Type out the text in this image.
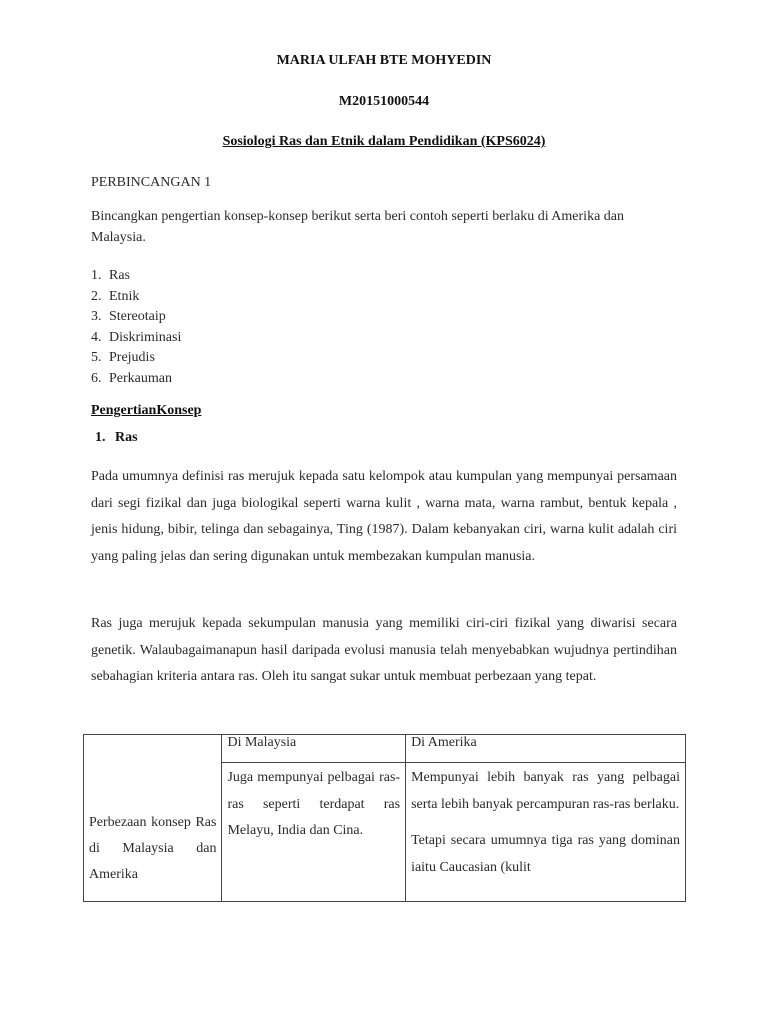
MARIA ULFAH BTE MOHYEDIN
M20151000544
Sosiologi Ras dan Etnik dalam Pendidikan (KPS6024)
PERBINCANGAN 1
Bincangkan pengertian konsep-konsep berikut serta beri contoh seperti berlaku di Amerika dan Malaysia.
1. Ras
2. Etnik
3. Stereotaip
4. Diskriminasi
5. Prejudis
6. Perkauman
PengertianKonsep
1. Ras
Pada umumnya definisi ras merujuk kepada satu kelompok atau kumpulan yang mempunyai persamaan dari segi fizikal dan juga biologikal seperti warna kulit , warna mata, warna rambut, bentuk kepala , jenis hidung, bibir, telinga dan sebagainya, Ting (1987). Dalam kebanyakan ciri, warna kulit adalah ciri yang paling jelas dan sering digunakan untuk membezakan kumpulan manusia.
Ras juga merujuk kepada sekumpulan manusia yang memiliki ciri-ciri fizikal yang diwarisi secara genetik. Walaubagaimanapun hasil daripada evolusi manusia telah menyebabkan wujudnya pertindihan sebahagian kriteria antara ras. Oleh itu sangat sukar untuk membuat perbezaan yang tepat.
Perbezaan konsep Ras di Malaysia dan Amerika	Di Malaysia	Di Amerika

	Juga mempunyai pelbagai ras-ras seperti terdapat ras Melayu, India dan Cina.	Mempunyai lebih banyak ras yang pelbagai serta lebih banyak percampuran ras-ras berlaku.

Tetapi secara umumnya tiga ras yang dominan iaitu Caucasian (kulit
